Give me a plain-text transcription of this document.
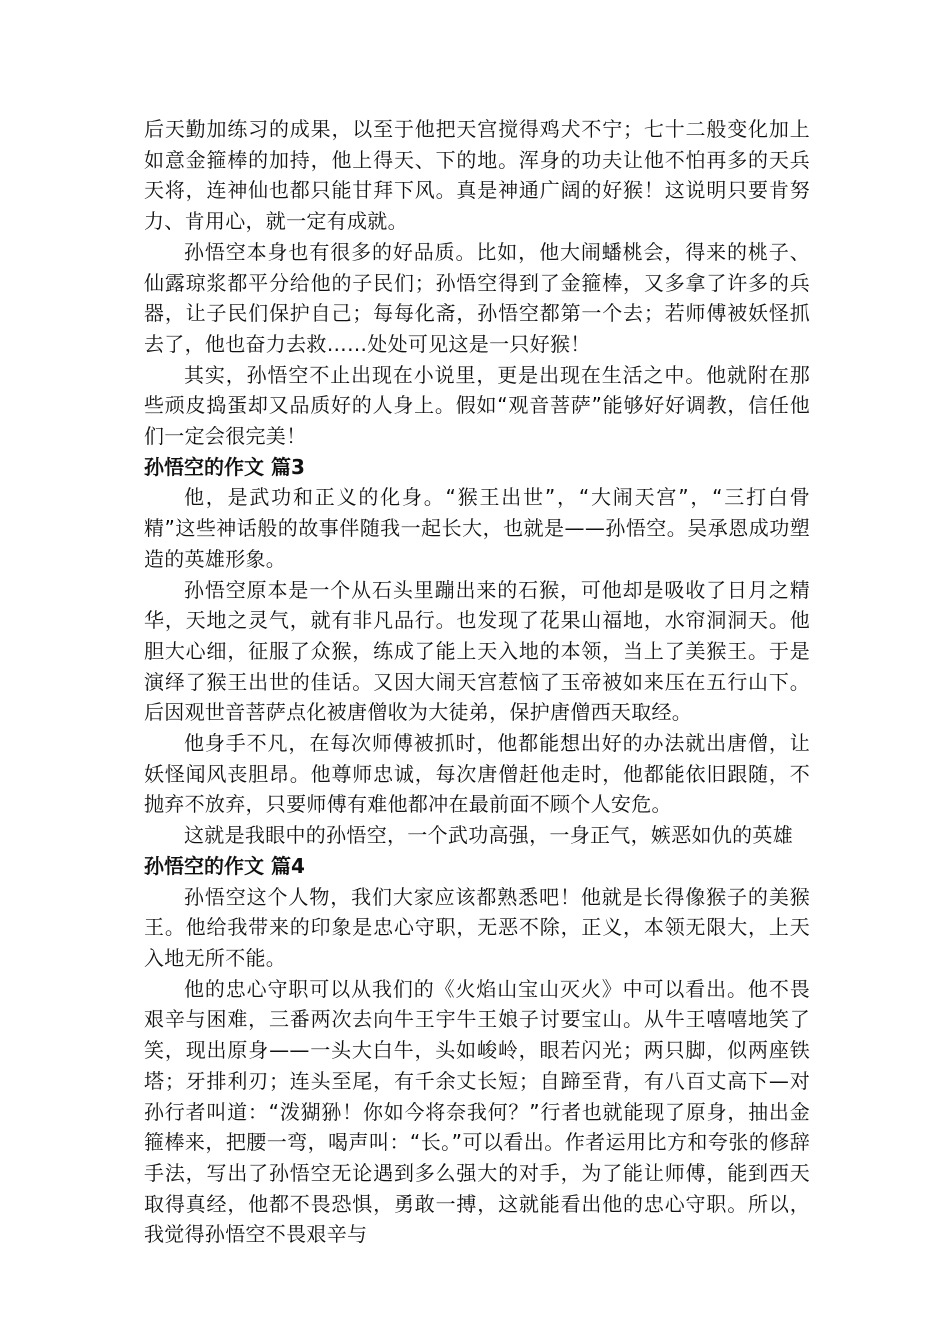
后天勤加练习的成果，以至于他把天宫搅得鸡犬不宁；七十二般变化加上如意金箍棒的加持，他上得天、下的地。浑身的功夫让他不怕再多的天兵天将，连神仙也都只能甘拜下风。真是神通广阔的好猴！这说明只要肯努力、肯用心，就一定有成就。

孙悟空本身也有很多的好品质。比如，他大闹蟠桃会，得来的桃子、仙露琼浆都平分给他的子民们；孙悟空得到了金箍棒，又多拿了许多的兵器，让子民们保护自己；每每化斋，孙悟空都第一个去；若师傅被妖怪抓去了，他也奋力去救……处处可见这是一只好猴！

其实，孙悟空不止出现在小说里，更是出现在生活之中。他就附在那些顽皮捣蛋却又品质好的人身上。假如“观音菩萨”能够好好调教，信任他们一定会很完美！

孙悟空的作文 篇3

他，是武功和正义的化身。“猴王出世”，“大闹天宫”，“三打白骨精”这些神话般的故事伴随我一起长大，也就是——孙悟空。吴承恩成功塑造的英雄形象。

孙悟空原本是一个从石头里蹦出来的石猴，可他却是吸收了日月之精华，天地之灵气，就有非凡品行。也发现了花果山福地，水帘洞洞天。他胆大心细，征服了众猴，练成了能上天入地的本领，当上了美猴王。于是演绎了猴王出世的佳话。又因大闹天宫惹恼了玉帝被如来压在五行山下。后因观世音菩萨点化被唐僧收为大徒弟，保护唐僧西天取经。

他身手不凡，在每次师傅被抓时，他都能想出好的办法就出唐僧，让妖怪闻风丧胆昂。他尊师忠诚，每次唐僧赶他走时，他都能依旧跟随，不抛弃不放弃，只要师傅有难他都冲在最前面不顾个人安危。

这就是我眼中的孙悟空，一个武功高强，一身正气，嫉恶如仇的英雄

孙悟空的作文 篇4

孙悟空这个人物，我们大家应该都熟悉吧！他就是长得像猴子的美猴王。他给我带来的印象是忠心守职，无恶不除，正义，本领无限大，上天入地无所不能。

他的忠心守职可以从我们的《火焰山宝山灭火》中可以看出。他不畏艰辛与困难，三番两次去向牛王宇牛王娘子讨要宝山。从牛王嘻嘻地笑了笑，现出原身——一头大白牛，头如峻岭，眼若闪光；两只脚，似两座铁塔；牙排利刃；连头至尾，有千余丈长短；自蹄至背，有八百丈高下—对孙行者叫道：“泼猢狲！你如今将奈我何？”行者也就能现了原身，抽出金箍棒来，把腰一弯，喝声叫：“长。”可以看出。作者运用比方和夸张的修辞手法，写出了孙悟空无论遇到多么强大的对手，为了能让师傅，能到西天取得真经，他都不畏恐惧，勇敢一搏，这就能看出他的忠心守职。所以，我觉得孙悟空不畏艰辛与
